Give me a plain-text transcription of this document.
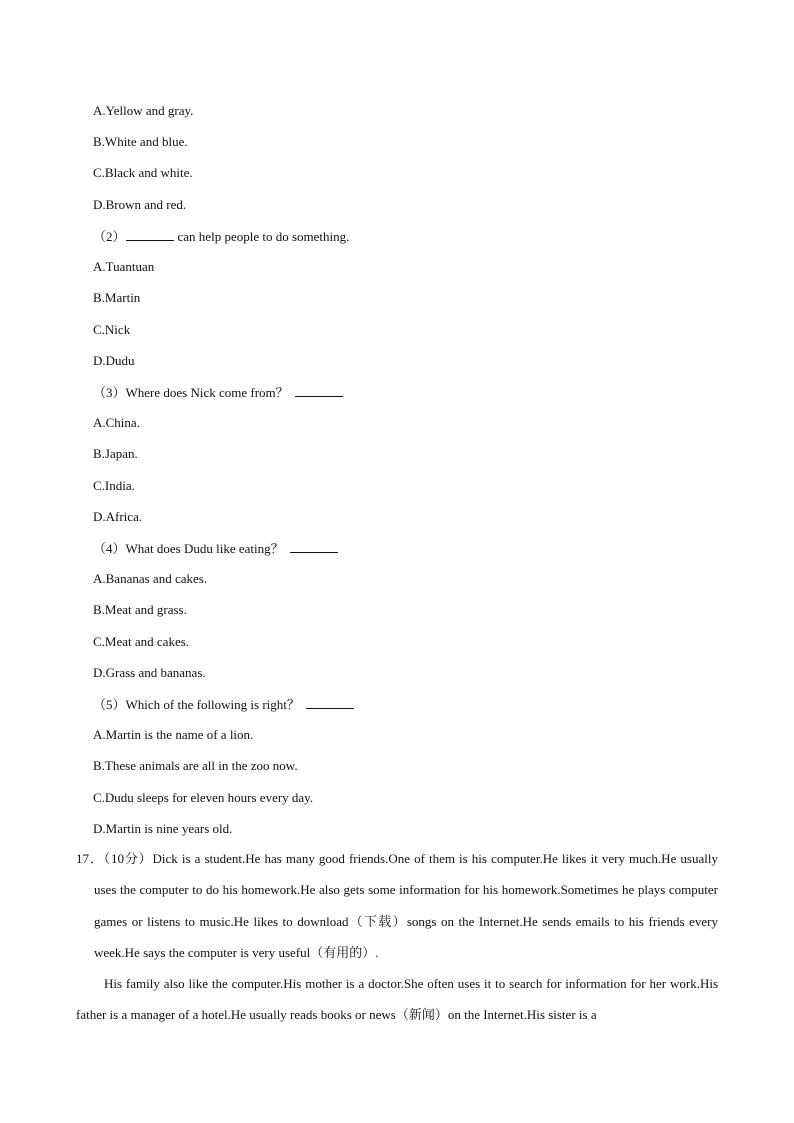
A.Yellow and gray.
B.White and blue.
C.Black and white.
D.Brown and red.
（2）	can help people to do something.
A.Tuantuan
B.Martin
C.Nick
D.Dudu
（3）Where does Nick come from？
A.China.
B.Japan.
C.India.
D.Africa.
（4）What does Dudu like eating？
A.Bananas and cakes.
B.Meat and grass.
C.Meat and cakes.
D.Grass and bananas.
（5）Which of the following is right？
A.Martin is the name of a lion.
B.These animals are all in the zoo now.
C.Dudu sleeps for eleven hours every day.
D.Martin is nine years old.

17．（10分）Dick is a student.He has many good friends.One of them is his computer.He likes it very much.He usually uses the computer to do his homework.He also gets some information for his homework.Sometimes he plays computer games or listens to music.He likes to download（下载）songs on the Internet.He sends emails to his friends every week.He says the computer is very useful（有用的）.

His family also like the computer.His mother is a doctor.She often uses it to search for information for her work.His father is a manager of a hotel.He usually reads books or news（新闻）on the Internet.His sister is a
